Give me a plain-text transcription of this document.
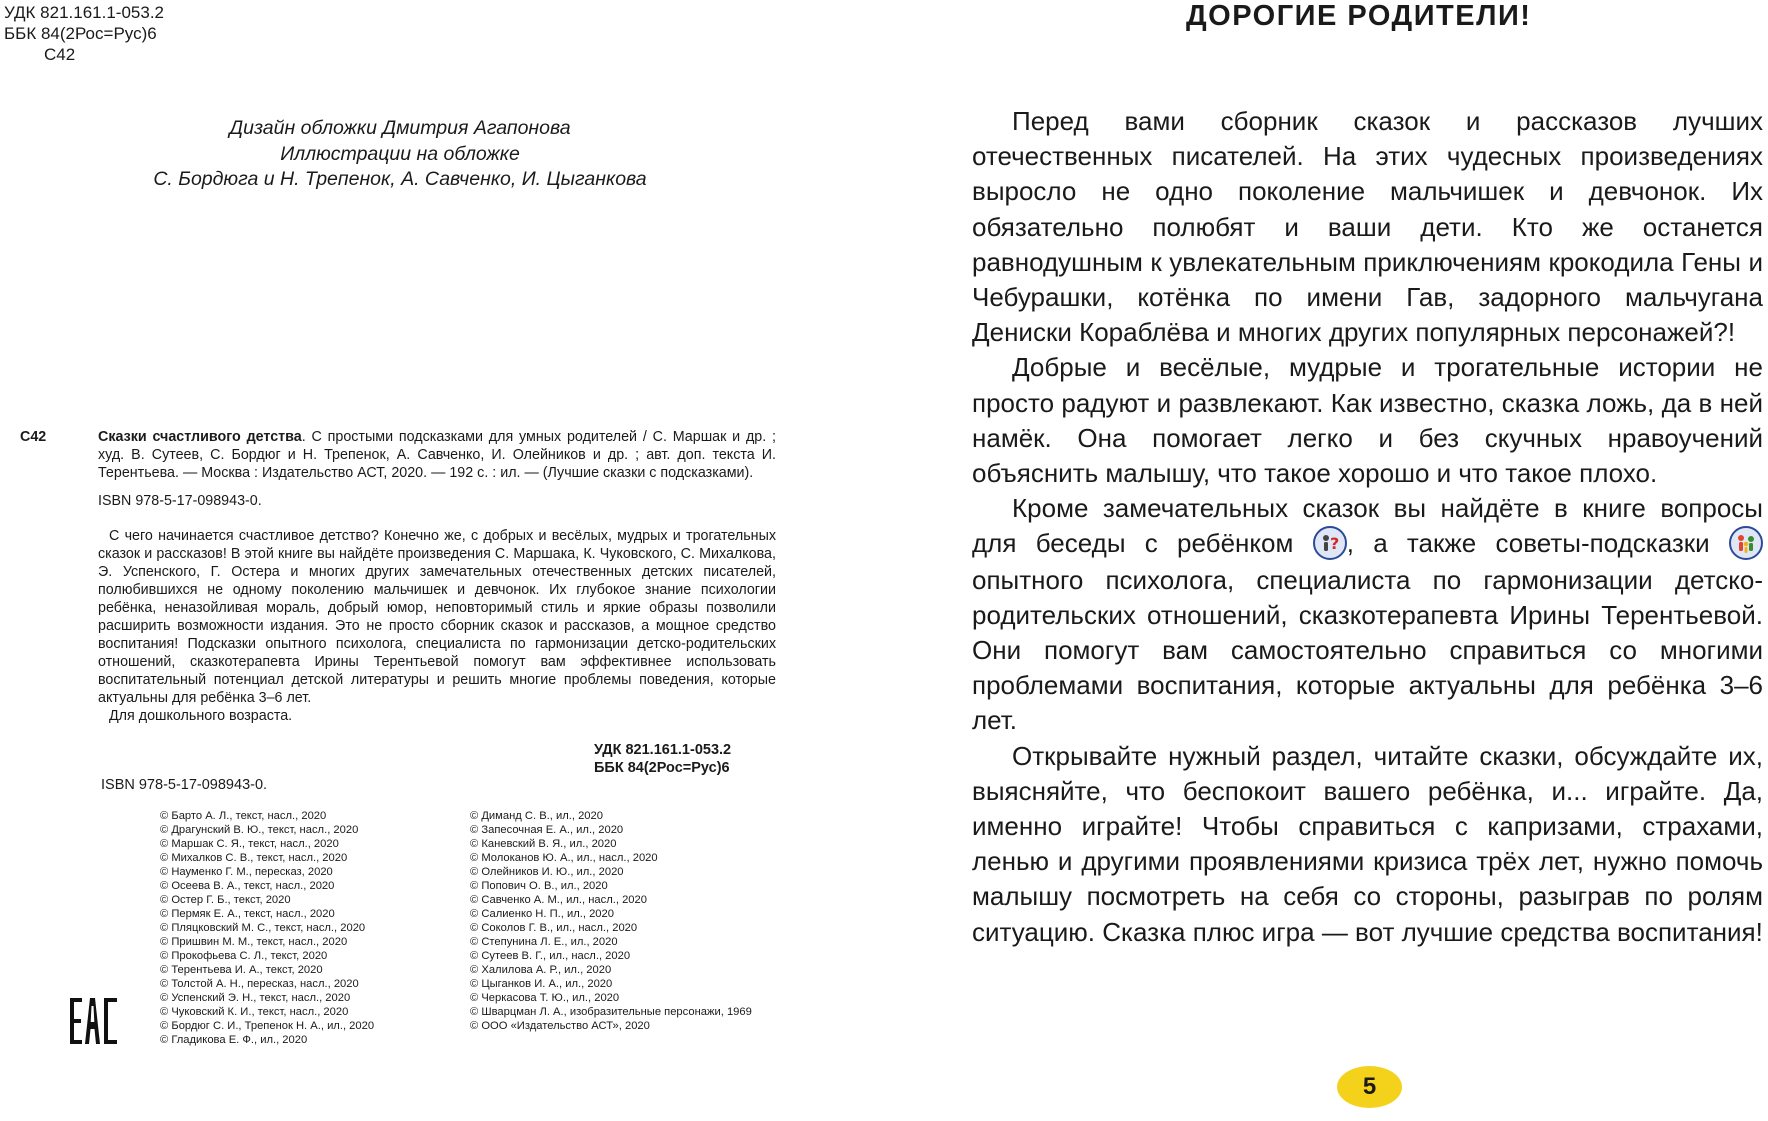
УДК 821.161.1-053.2
ББК 84(2Рос=Рус)6
С42
Дизайн обложки Дмитрия Агапонова
Иллюстрации на обложке
С. Бордюга и Н. Трепенок, А. Савченко, И. Цыганкова
С42	Сказки счастливого детства. С простыми подсказками для умных родителей / С. Маршак и др. ; худ. В. Сутеев, С. Бордюг и Н. Трепенок, А. Савченко, И. Олейников и др. ; авт. доп. текста И. Терентьева. — Москва : Издательство АСТ, 2020. — 192 с. : ил. — (Лучшие сказки с подсказками).
ISBN 978-5-17-098943-0.
С чего начинается счастливое детство? Конечно же, с добрых и весёлых, мудрых и трогательных сказок и рассказов! В этой книге вы найдёте произведения С. Маршака, К. Чуковского, С. Михалкова, Э. Успенского, Г. Остера и многих других замечательных отечественных детских писателей, полюбившихся не одному поколению мальчишек и девчонок. Их глубокое знание психологии ребёнка, неназойливая мораль, добрый юмор, неповторимый стиль и яркие образы позволили расширить возможности издания. Это не просто сборник сказок и рассказов, а мощное средство воспитания! Подсказки опытного психолога, специалиста по гармонизации детско-родительских отношений, сказкотерапевта Ирины Терентьевой помогут вам эффективнее использовать воспитательный потенциал детской литературы и решить многие проблемы поведения, которые актуальны для ребёнка 3–6 лет.
Для дошкольного возраста.
УДК 821.161.1-053.2
ББК 84(2Рос=Рус)6
ISBN 978-5-17-098943-0.
© Барто А. Л., текст, насл., 2020
© Драгунский В. Ю., текст, насл., 2020
© Маршак С. Я., текст, насл., 2020
© Михалков С. В., текст, насл., 2020
© Науменко Г. М., пересказ, 2020
© Осеева В. А., текст, насл., 2020
© Остер Г. Б., текст, 2020
© Пермяк Е. А., текст, насл., 2020
© Пляцковский М. С., текст, насл., 2020
© Пришвин М. М., текст, насл., 2020
© Прокофьева С. Л., текст, 2020
© Терентьева И. А., текст, 2020
© Толстой А. Н., пересказ, насл., 2020
© Успенский Э. Н., текст, насл., 2020
© Чуковский К. И., текст, насл., 2020
© Бордюг С. И., Трепенок Н. А., ил., 2020
© Гладикова Е. Ф., ил., 2020
© Диманд С. В., ил., 2020
© Запесочная Е. А., ил., 2020
© Каневский В. Я., ил., 2020
© Молоканов Ю. А., ил., насл., 2020
© Олейников И. Ю., ил., 2020
© Попович О. В., ил., 2020
© Савченко А. М., ил., насл., 2020
© Салиенко Н. П., ил., 2020
© Соколов Г. В., ил., насл., 2020
© Степунина Л. Е., ил., 2020
© Сутеев В. Г., ил., насл., 2020
© Халилова А. Р., ил., 2020
© Цыганков И. А., ил., 2020
© Черкасова Т. Ю., ил., 2020
© Шварцман Л. А., изобразительные персонажи, 1969
© ООО «Издательство АСТ», 2020
ДОРОГИЕ РОДИТЕЛИ!

Перед вами сборник сказок и рассказов лучших отечественных писателей. На этих чудесных произведениях выросло не одно поколение мальчишек и девчонок. Их обязательно полюбят и ваши дети. Кто же останется равнодушным к увлекательным приключениям крокодила Гены и Чебурашки, котёнка по имени Гав, задорного мальчугана Дениски Кораблёва и многих других популярных персонажей?!

Добрые и весёлые, мудрые и трогательные истории не просто радуют и развлекают. Как известно, сказка ложь, да в ней намёк. Она помогает легко и без скучных нравоучений объяснить малышу, что такое хорошо и что такое плохо.

Кроме замечательных сказок вы найдёте в книге вопросы для беседы с ребёнком ? , а также советы-подсказки
опытного психолога, специалиста по гармонизации детско-родительских отношений, сказкотерапевта Ирины Терентьевой. Они помогут вам самостоятельно справиться со многими проблемами воспитания, которые актуальны для ребёнка 3–6 лет.

Открывайте нужный раздел, читайте сказки, обсуждайте их, выясняйте, что беспокоит вашего ребёнка, и... играйте. Да, именно играйте! Чтобы справиться с капризами, страхами, ленью и другими проявлениями кризиса трёх лет, нужно помочь малышу посмотреть на себя со стороны, разыграв по ролям ситуацию. Сказка плюс игра — вот лучшие средства воспитания!

5
